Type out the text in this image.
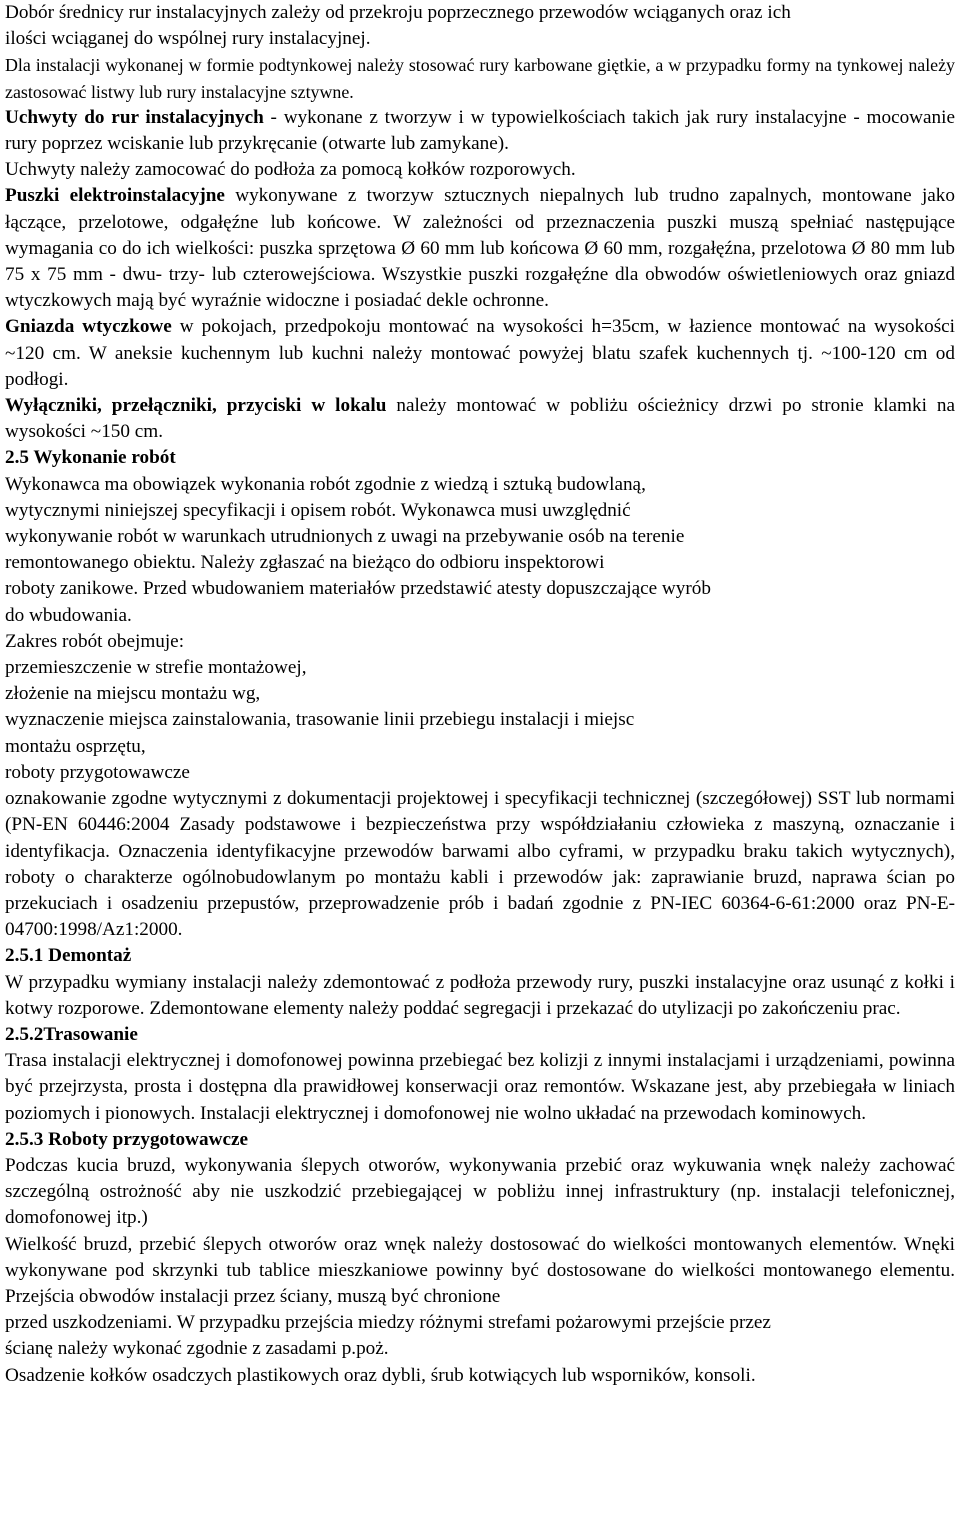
Dobór średnicy rur instalacyjnych zależy od przekroju poprzecznego przewodów wciąganych oraz ich
ilości wciąganej do wspólnej rury instalacyjnej.

Dla instalacji wykonanej w formie podtynkowej należy stosować rury karbowane giętkie, a w przypadku formy na tynkowej należy zastosować listwy lub rury instalacyjne sztywne.

Uchwyty do rur instalacyjnych - wykonane z tworzyw i w typowielkościach takich jak rury instalacyjne - mocowanie rury poprzez wciskanie lub przykręcanie (otwarte lub zamykane).
Uchwyty należy zamocować do podłoża za pomocą kołków rozporowych.

Puszki elektroinstalacyjne wykonywane z tworzyw sztucznych niepalnych lub trudno zapalnych, montowane jako łączące, przelotowe, odgałęźne lub końcowe. W zależności od przeznaczenia puszki muszą spełniać następujące wymagania co do ich wielkości: puszka sprzętowa Ø 60 mm lub końcowa Ø 60 mm, rozgałęźna, przelotowa Ø 80 mm lub 75 x 75 mm - dwu- trzy- lub czterowejściowa. Wszystkie puszki rozgałęźne dla obwodów oświetleniowych oraz gniazd wtyczkowych mają być wyraźnie widoczne i posiadać dekle ochronne.

Gniazda wtyczkowe w pokojach, przedpokoju montować na wysokości h=35cm, w łazience montować na wysokości ~120 cm. W aneksie kuchennym lub kuchni należy montować powyżej blatu szafek kuchennych tj. ~100-120 cm od podłogi.

Wyłączniki, przełączniki, przyciski w lokalu należy montować w pobliżu ościeżnicy drzwi po stronie klamki na wysokości ~150 cm.

2.5 Wykonanie robót
Wykonawca ma obowiązek wykonania robót zgodnie z wiedzą i sztuką budowlaną,
wytycznymi niniejszej specyfikacji i opisem robót. Wykonawca musi uwzględnić
wykonywanie robót w warunkach utrudnionych z uwagi na przebywanie osób na terenie
remontowanego obiektu. Należy zgłaszać na bieżąco do odbioru inspektorowi
roboty zanikowe. Przed wbudowaniem materiałów przedstawić atesty dopuszczające wyrób
do wbudowania.
Zakres robót obejmuje:
przemieszczenie w strefie montażowej,
złożenie na miejscu montażu wg,
wyznaczenie miejsca zainstalowania, trasowanie linii przebiegu instalacji i miejsc
montażu osprzętu,
roboty przygotowawcze

oznakowanie zgodne wytycznymi z dokumentacji projektowej i specyfikacji technicznej (szczegółowej) SST lub normami (PN-EN 60446:2004 Zasady podstawowe i bezpieczeństwa przy współdziałaniu człowieka z maszyną, oznaczanie i identyfikacja. Oznaczenia identyfikacyjne przewodów barwami albo cyframi, w przypadku braku takich wytycznych), roboty o charakterze ogólnobudowlanym po montażu kabli i przewodów jak: zaprawianie bruzd, naprawa ścian po przekuciach i osadzeniu przepustów, przeprowadzenie prób i badań zgodnie z PN-IEC 60364-6-61:2000 oraz PN-E-04700:1998/Az1:2000.

2.5.1 Demontaż

W przypadku wymiany instalacji należy zdemontować z podłoża przewody rury, puszki instalacyjne oraz usunąć z kołki i kotwy rozporowe. Zdemontowane elementy należy poddać segregacji i przekazać do utylizacji po zakończeniu prac.

2.5.2Trasowanie

Trasa instalacji elektrycznej i domofonowej powinna przebiegać bez kolizji z innymi instalacjami i urządzeniami, powinna być przejrzysta, prosta i dostępna dla prawidłowej konserwacji oraz remontów. Wskazane jest, aby przebiegała w liniach poziomych i pionowych. Instalacji elektrycznej i domofonowej nie wolno układać na przewodach kominowych.

2.5.3 Roboty przygotowawcze

Podczas kucia bruzd, wykonywania ślepych otworów, wykonywania przebić oraz wykuwania wnęk należy zachować szczególną ostrożność aby nie uszkodzić przebiegającej w pobliżu innej infrastruktury (np. instalacji telefonicznej, domofonowej itp.)

Wielkość bruzd, przebić ślepych otworów oraz wnęk należy dostosować do wielkości montowanych elementów. Wnęki wykonywane pod skrzynki tub tablice mieszkaniowe powinny być dostosowane do wielkości montowanego elementu. Przejścia obwodów instalacji przez ściany, muszą być chronione

przed uszkodzeniami. W przypadku przejścia miedzy różnymi strefami pożarowymi przejście przez
ścianę należy wykonać zgodnie z zasadami p.poż.

Osadzenie kołków osadczych plastikowych oraz dybli, śrub kotwiących lub wsporników, konsoli.
